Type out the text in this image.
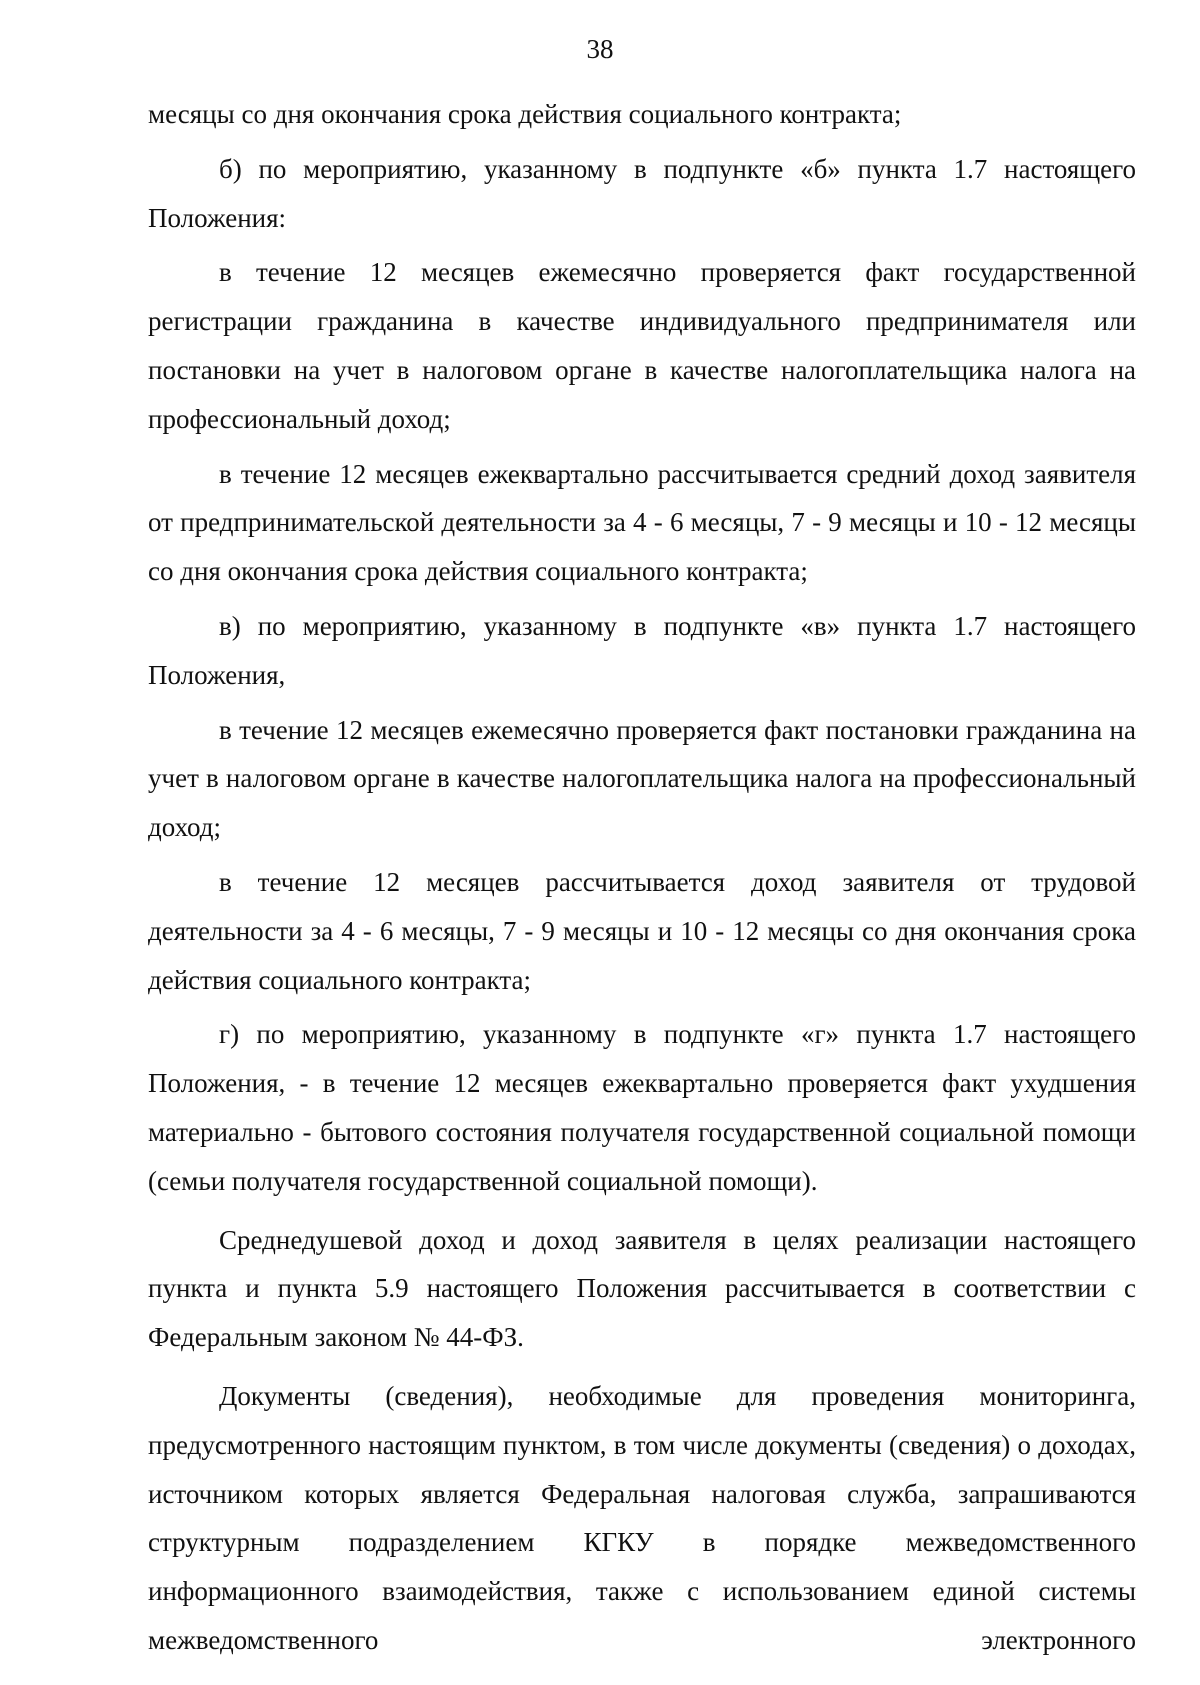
38

месяцы со дня окончания срока действия социального контракта;

б) по мероприятию, указанному в подпункте «б» пункта 1.7 настоящего Положения:

в течение 12 месяцев ежемесячно проверяется факт государственной регистрации гражданина в качестве индивидуального предпринимателя или постановки на учет в налоговом органе в качестве налогоплательщика налога на профессиональный доход;

в течение 12 месяцев ежеквартально рассчитывается средний доход заявителя от предпринимательской деятельности за 4 - 6 месяцы, 7 - 9 месяцы и 10 - 12 месяцы со дня окончания срока действия социального контракта;

в) по мероприятию, указанному в подпункте «в» пункта 1.7 настоящего Положения,

в течение 12 месяцев ежемесячно проверяется факт постановки гражданина на учет в налоговом органе в качестве налогоплательщика налога на профессиональный доход;

в течение 12 месяцев рассчитывается доход заявителя от трудовой деятельности за 4 - 6 месяцы, 7 - 9 месяцы и 10 - 12 месяцы со дня окончания срока действия социального контракта;

г) по мероприятию, указанному в подпункте «г» пункта 1.7 настоящего Положения, - в течение 12 месяцев ежеквартально проверяется факт ухудшения материально - бытового состояния получателя государственной социальной помощи (семьи получателя государственной социальной помощи).

Среднедушевой доход и доход заявителя в целях реализации настоящего пункта и пункта 5.9 настоящего Положения рассчитывается в соответствии с Федеральным законом № 44-ФЗ.

Документы (сведения), необходимые для проведения мониторинга, предусмотренного настоящим пунктом, в том числе документы (сведения) о доходах, источником которых является Федеральная налоговая служба, запрашиваются структурным подразделением КГКУ в порядке межведомственного информационного взаимодействия, также с использованием единой системы межведомственного электронного
